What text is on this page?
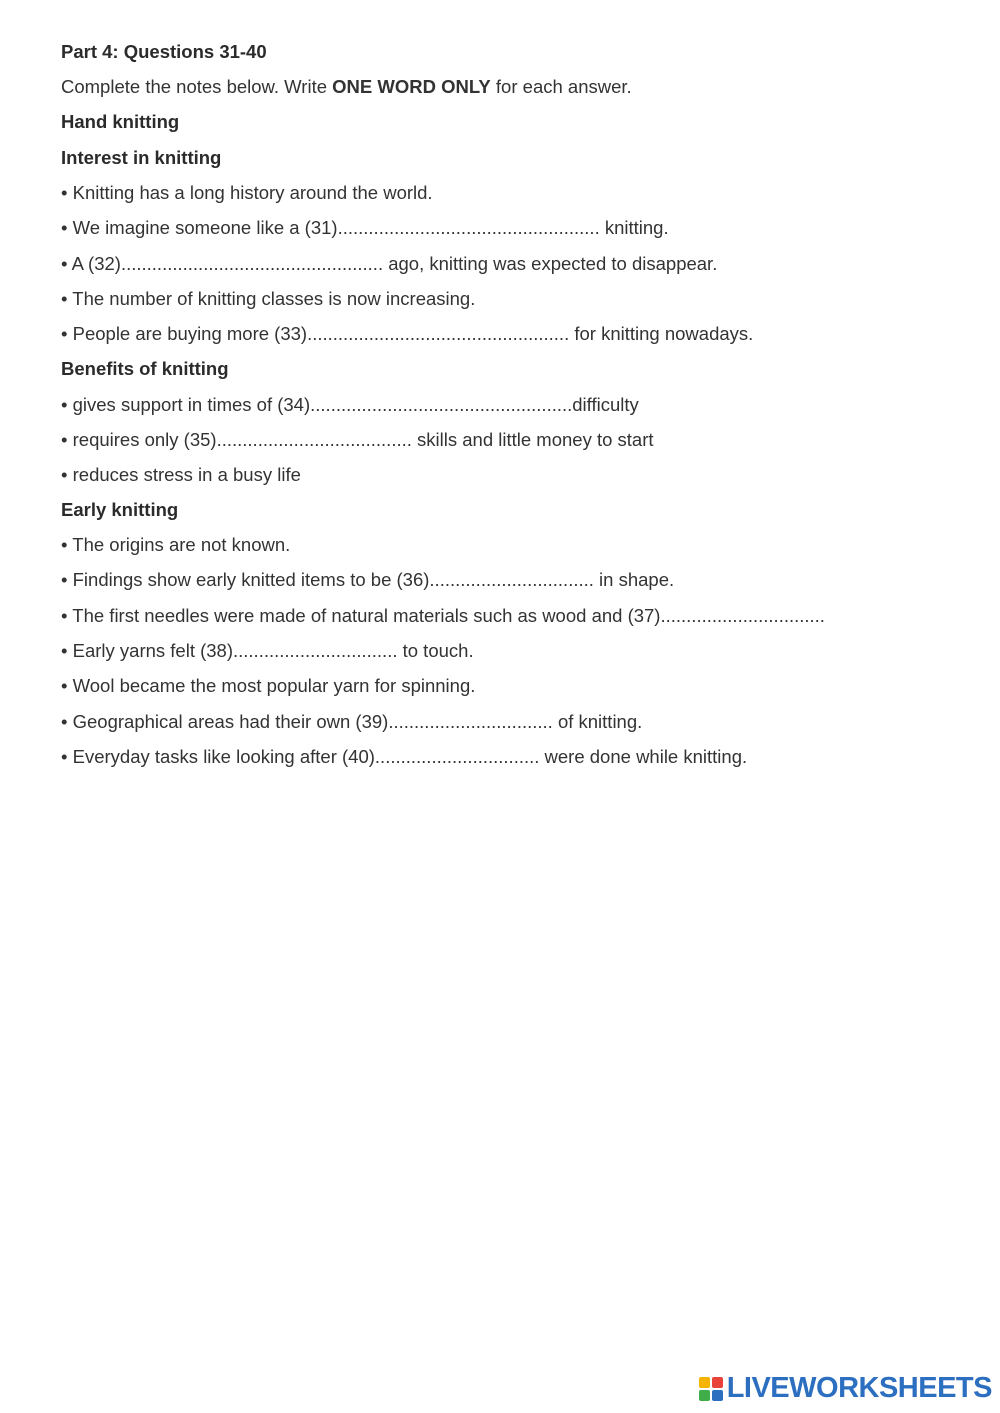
Part 4: Questions 31-40

Complete the notes below. Write ONE WORD ONLY for each answer.

Hand knitting

Interest in knitting

• Knitting has a long history around the world.

• We imagine someone like a (31)................................................... knitting.

• A (32)................................................... ago, knitting was expected to disappear.

• The number of knitting classes is now increasing.

• People are buying more (33)................................................... for knitting nowadays.

Benefits of knitting

• gives support in times of (34)...................................................difficulty

• requires only (35)...................................... skills and little money to start

• reduces stress in a busy life

Early knitting

• The origins are not known.

• Findings show early knitted items to be (36)................................ in shape.

• The first needles were made of natural materials such as wood and (37)................................

• Early yarns felt (38)................................ to touch.

• Wool became the most popular yarn for spinning.

• Geographical areas had their own (39)................................ of knitting.

• Everyday tasks like looking after (40)................................ were done while knitting.

LIVEWORKSHEETS
